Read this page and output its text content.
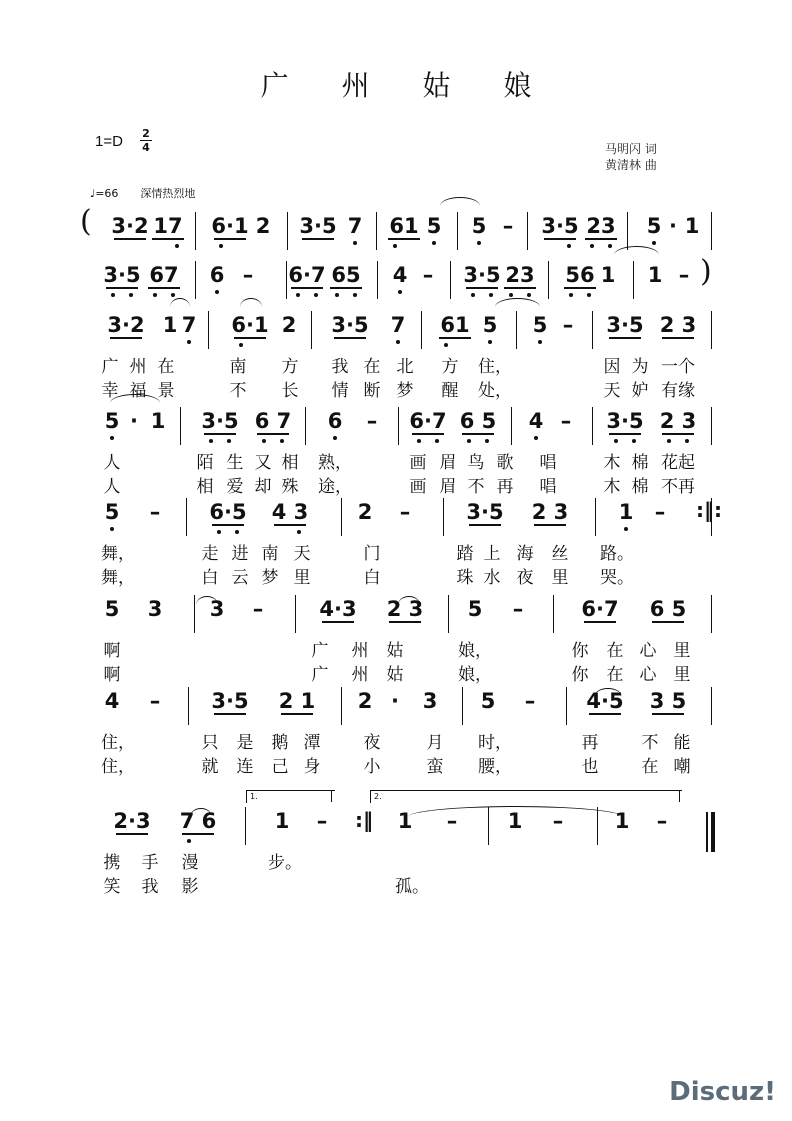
广 州 姑 娘
1=D 2
4	马明闪 词
黄清林 曲
♩=66 深情热烈地
(
)
3·2 17 6·1 2 3·5 7 61 5 5 – 3·5 23 5 · 1
3·5 67 6 – 6·7 65 4 – 3·5 23 56 1 1 –
3·2 1 7 6·1 2 3·5 7 61 5 5 – 3·5 2 3
广 州 在	南 方 我 在 北 方 住，	因 为 一个
幸 福 景	不 长 情 断 梦 醒 处，	天 妒 有缘
5 · 1 3·5 6 7 6 – 6·7 6 5 4 – 3·5 2 3
人	陌 生 又 相 熟，	画 眉 鸟 歌 唱	木 棉 花起
人	相 爱 却 殊 途，	画 眉 不 再 唱	木 棉 不再
5 – 6·5 4 3 2 –	3·5 2 3 1 –
舞，	走 进 南 天	门	踏 上 海 丝 路。
舞，	白 云 梦 里	白	珠 水 夜 里 哭。
5 3 3 –	4·3 2 3 5 –	6·7 6 5
啊	广 州 姑	娘，	你 在 心 里
啊	广 州 姑	娘，	你 在 心 里
4 – 3·5 2 1 2 · 3 5 – 4·5 3 5
住，	只 是 鹅 潭	夜	月 时，	再	不 能
住，	就 连 己 身	小	蛮 腰，	也	在 嘲
2·3 7 6	1 –	1 – 1 – 1 –
携 手 漫	步。
笑 我 影	孤。
1.	2.
:‖:
:‖
Discuz!
